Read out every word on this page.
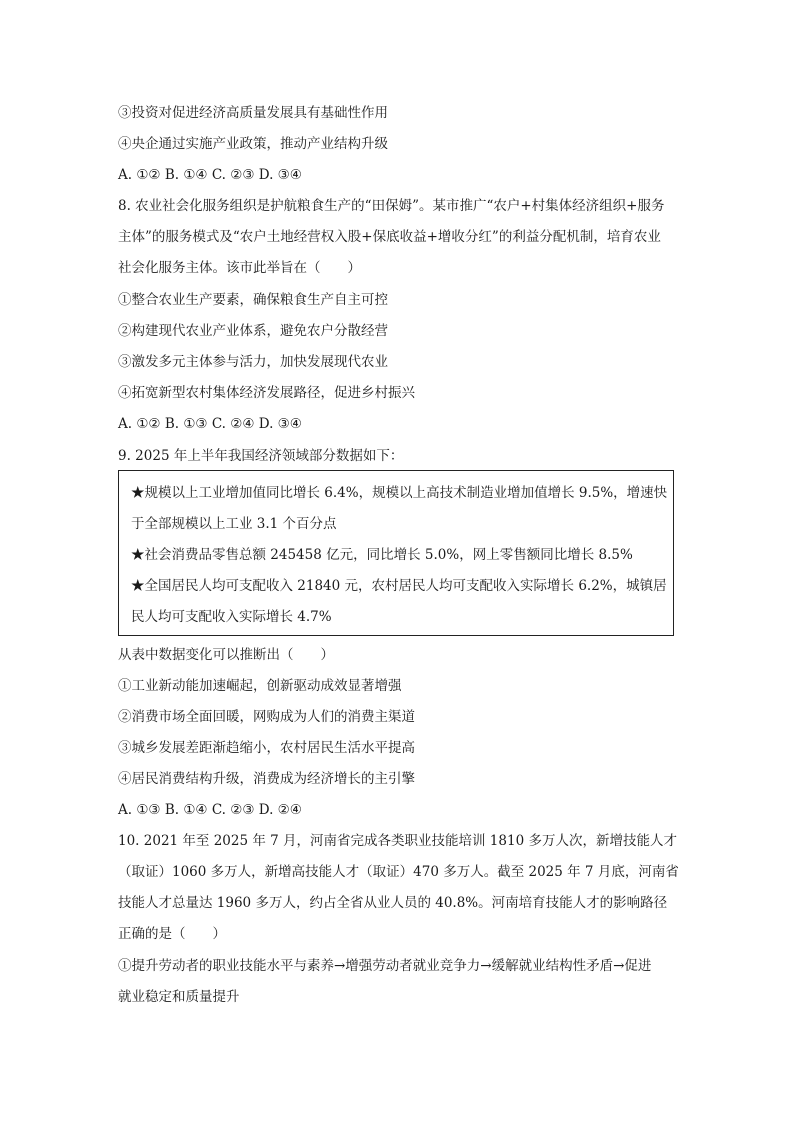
③投资对促进经济高质量发展具有基础性作用
④央企通过实施产业政策，推动产业结构升级
A. ①② B. ①④ C. ②③ D. ③④
8. 农业社会化服务组织是护航粮食生产的“田保姆”。某市推广“农户+村集体经济组织+服务
主体”的服务模式及“农户土地经营权入股+保底收益+增收分红”的利益分配机制，培育农业
社会化服务主体。该市此举旨在（　　）
①整合农业生产要素，确保粮食生产自主可控
②构建现代农业产业体系，避免农户分散经营
③激发多元主体参与活力，加快发展现代农业
④拓宽新型农村集体经济发展路径，促进乡村振兴
A. ①② B. ①③ C. ②④ D. ③④
9. 2025 年上半年我国经济领域部分数据如下：
★规模以上工业增加值同比增长 6.4%，规模以上高技术制造业增加值增长 9.5%，增速快
于全部规模以上工业 3.1 个百分点
★社会消费品零售总额 245458 亿元，同比增长 5.0%，网上零售额同比增长 8.5%
★全国居民人均可支配收入 21840 元，农村居民人均可支配收入实际增长 6.2%，城镇居
民人均可支配收入实际增长 4.7%
从表中数据变化可以推断出（　　）
①工业新动能加速崛起，创新驱动成效显著增强
②消费市场全面回暖，网购成为人们的消费主渠道
③城乡发展差距渐趋缩小，农村居民生活水平提高
④居民消费结构升级，消费成为经济增长的主引擎
A. ①③ B. ①④ C. ②③ D. ②④
10. 2021 年至 2025 年 7 月，河南省完成各类职业技能培训 1810 多万人次，新增技能人才
（取证）1060 多万人，新增高技能人才（取证）470 多万人。截至 2025 年 7 月底，河南省
技能人才总量达 1960 多万人，约占全省从业人员的 40.8%。河南培育技能人才的影响路径
正确的是（　　）
①提升劳动者的职业技能水平与素养→增强劳动者就业竞争力→缓解就业结构性矛盾→促进
就业稳定和质量提升
